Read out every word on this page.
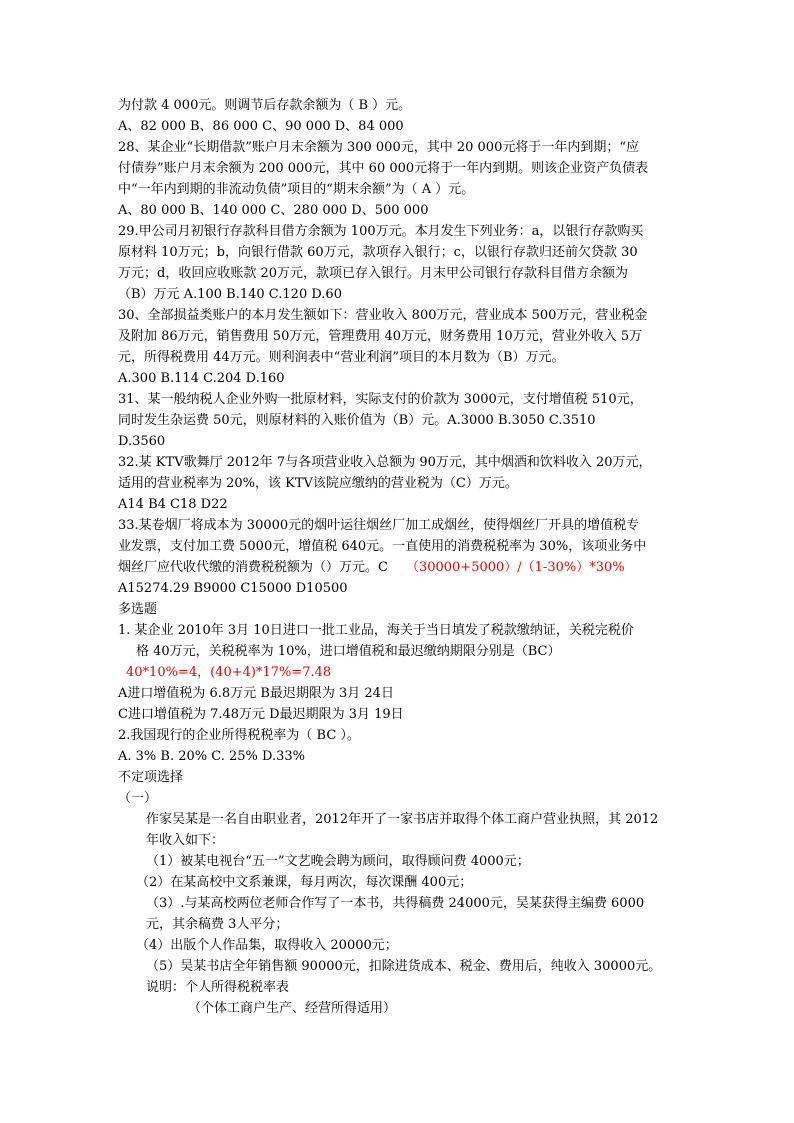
为付款 4 000元。则调节后存款余额为（ B ）元。
A、82 000 B、86 000 C、90 000 D、84 000
28、某企业“长期借款”账户月末余额为 300 000元，其中 20 000元将于一年内到期；“应
付债券”账户月末余额为 200 000元，其中 60 000元将于一年内到期。则该企业资产负债表
中“一年内到期的非流动负债”项目的“期末余额”为（ A ）元。
A、80 000 B、140 000 C、280 000 D、500 000
29.甲公司月初银行存款科目借方余额为 100万元。本月发生下列业务：a，以银行存款购买
原材料 10万元；b，向银行借款 60万元，款项存入银行；c，以银行存款归还前欠贷款 30
万元；d，收回应收账款 20万元，款项已存入银行。月末甲公司银行存款科目借方余额为
（B）万元 A.100 B.140 C.120 D.60
30、全部损益类账户的本月发生额如下：营业收入 800万元，营业成本 500万元，营业税金
及附加 86万元，销售费用 50万元，管理费用 40万元，财务费用 10万元，营业外收入 5万
元，所得税费用 44万元。则利润表中“营业利润”项目的本月数为（B）万元。
A.300 B.114 C.204 D.160
31、某一般纳税人企业外购一批原材料，实际支付的价款为 3000元，支付增值税 510元，
同时发生杂运费 50元，则原材料的入账价值为（B）元。A.3000 B.3050 C.3510
D.3560
32.某 KTV歌舞厅 2012年 7与各项营业收入总额为 90万元，其中烟酒和饮料收入 20万元，
适用的营业税率为 20%，该 KTV该院应缴纳的营业税为（C）万元。
A14 B4 C18 D22
33.某卷烟厂将成本为 30000元的烟叶运往烟丝厂加工成烟丝，使得烟丝厂开具的增值税专
业发票，支付加工费 5000元，增值税 640元。一直使用的消费税税率为 30%，该项业务中
烟丝厂应代收代缴的消费税税额为（）万元。C （30000+5000）/（1-30%）*30%
A15274.29 B9000 C15000 D10500
多选题
1. 某企业 2010年 3月 10日进口一批工业品，海关于当日填发了税款缴纳证，关税完税价
格 40万元，关税税率为 10%，进口增值税和最迟缴纳期限分别是（BC）
40*10%=4，(40+4)*17%=7.48
A进口增值税为 6.8万元 B最迟期限为 3月 24日
C进口增值税为 7.48万元 D最迟期限为 3月 19日
2.我国现行的企业所得税税率为（ BC ）。
A. 3% B. 20% C. 25% D.33%
不定项选择
（一）
作家吴某是一名自由职业者，2012年开了一家书店并取得个体工商户营业执照，其 2012
年收入如下：
（1）被某电视台“五一”文艺晚会聘为顾问，取得顾问费 4000元；
（2）在某高校中文系兼课，每月两次，每次课酬 400元；
（3）.与某高校两位老师合作写了一本书，共得稿费 24000元，吴某获得主编费 6000
元，其余稿费 3人平分；
（4）出版个人作品集，取得收入 20000元；
（5）吴某书店全年销售额 90000元，扣除进货成本、税金、费用后，纯收入 30000元。
说明：个人所得税税率表
（个体工商户生产、经营所得适用）
